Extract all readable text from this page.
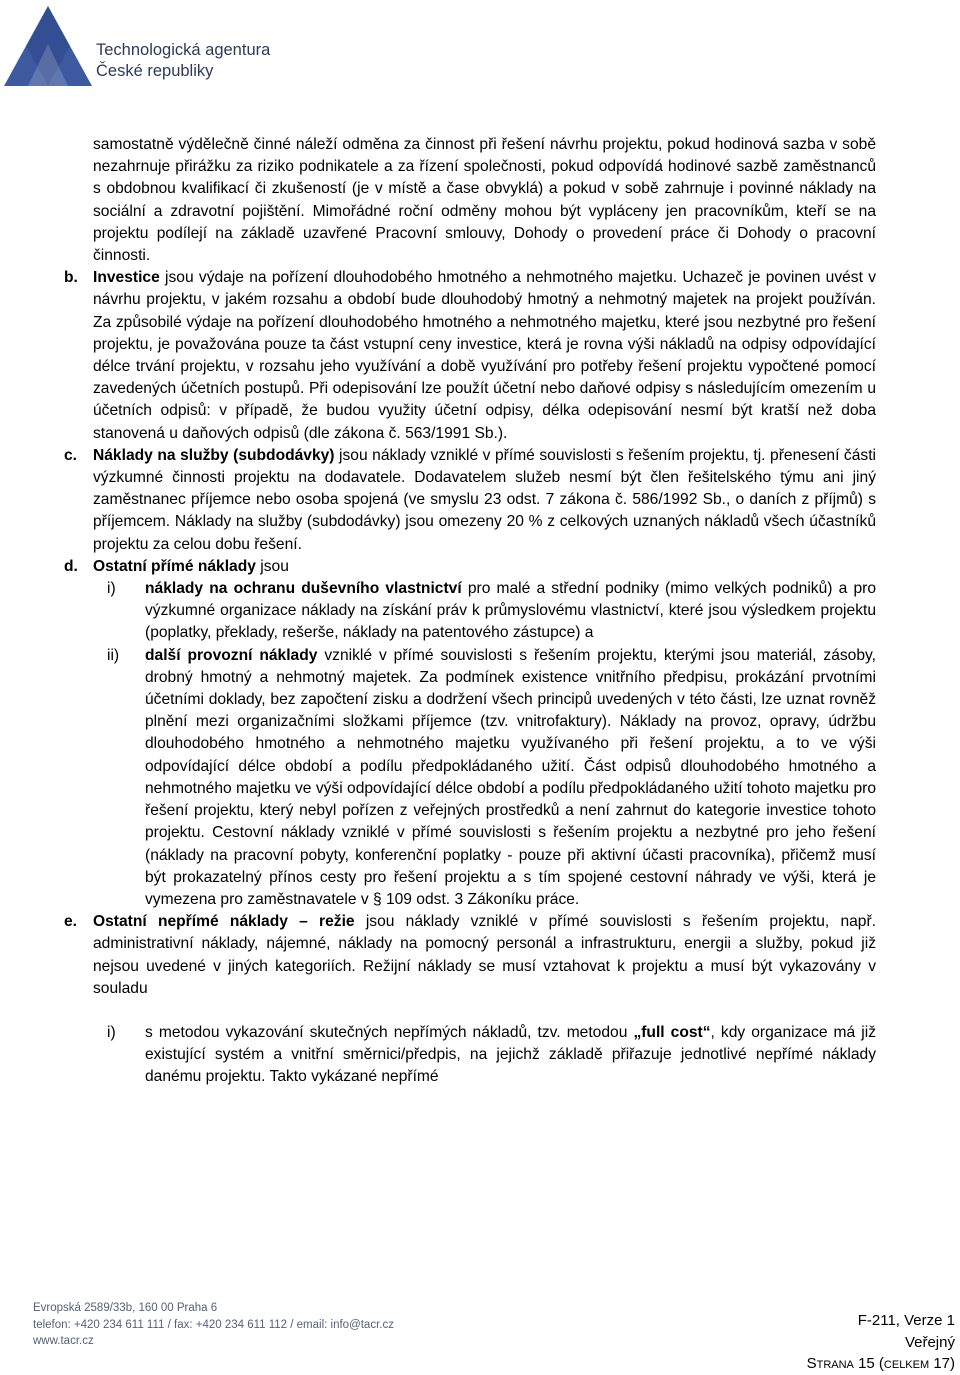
Technologická agentura
České republiky

samostatně výdělečně činné náleží odměna za činnost při řešení návrhu projektu, pokud hodinová sazba v sobě nezahrnuje přirážku za riziko podnikatele a za řízení společnosti, pokud odpovídá hodinové sazbě zaměstnanců s obdobnou kvalifikací či zkušeností (je v místě a čase obvyklá) a pokud v sobě zahrnuje i povinné náklady na sociální a zdravotní pojištění. Mimořádné roční odměny mohou být vypláceny jen pracovníkům, kteří se na projektu podílejí na základě uzavřené Pracovní smlouvy, Dohody o provedení práce či Dohody o pracovní činnosti.

b. Investice jsou výdaje na pořízení dlouhodobého hmotného a nehmotného majetku. Uchazeč je povinen uvést v návrhu projektu, v jakém rozsahu a období bude dlouhodobý hmotný a nehmotný majetek na projekt používán. Za způsobilé výdaje na pořízení dlouhodobého hmotného a nehmotného majetku, které jsou nezbytné pro řešení projektu, je považována pouze ta část vstupní ceny investice, která je rovna výši nákladů na odpisy odpovídající délce trvání projektu, v rozsahu jeho využívání a době využívání pro potřeby řešení projektu vypočtené pomocí zavedených účetních postupů. Při odepisování lze použít účetní nebo daňové odpisy s následujícím omezením u účetních odpisů: v případě, že budou využity účetní odpisy, délka odepisování nesmí být kratší než doba stanovená u daňových odpisů (dle zákona č. 563/1991 Sb.).
c. Náklady na služby (subdodávky) jsou náklady vzniklé v přímé souvislosti s řešením projektu, tj. přenesení části výzkumné činnosti projektu na dodavatele. Dodavatelem služeb nesmí být člen řešitelského týmu ani jiný zaměstnanec příjemce nebo osoba spojená (ve smyslu 23 odst. 7 zákona č. 586/1992 Sb., o daních z příjmů) s příjemcem. Náklady na služby (subdodávky) jsou omezeny 20 % z celkových uznaných nákladů všech účastníků projektu za celou dobu řešení.
d. Ostatní přímé náklady jsou
i) náklady na ochranu duševního vlastnictví pro malé a střední podniky (mimo velkých podniků) a pro výzkumné organizace náklady na získání práv k průmyslovému vlastnictví, které jsou výsledkem projektu (poplatky, překlady, rešerše, náklady na patentového zástupce) a
ii) další provozní náklady vzniklé v přímé souvislosti s řešením projektu, kterými jsou materiál, zásoby, drobný hmotný a nehmotný majetek. Za podmínek existence vnitřního předpisu, prokázání prvotními účetními doklady, bez započtení zisku a dodržení všech principů uvedených v této části, lze uznat rovněž plnění mezi organizačními složkami příjemce (tzv. vnitrofaktury). Náklady na provoz, opravy, údržbu dlouhodobého hmotného a nehmotného majetku využívaného při řešení projektu, a to ve výši odpovídající délce období a podílu předpokládaného užití. Část odpisů dlouhodobého hmotného a nehmotného majetku ve výši odpovídající délce období a podílu předpokládaného užití tohoto majetku pro řešení projektu, který nebyl pořízen z veřejných prostředků a není zahrnut do kategorie investice tohoto projektu. Cestovní náklady vzniklé v přímé souvislosti s řešením projektu a nezbytné pro jeho řešení (náklady na pracovní pobyty, konferenční poplatky - pouze při aktivní účasti pracovníka), přičemž musí být prokazatelný přínos cesty pro řešení projektu a s tím spojené cestovní náhrady ve výši, která je vymezena pro zaměstnavatele v § 109 odst. 3 Zákoníku práce.
e. Ostatní nepřímé náklady – režie jsou náklady vzniklé v přímé souvislosti s řešením projektu, např. administrativní náklady, nájemné, náklady na pomocný personál a infrastrukturu, energii a služby, pokud již nejsou uvedené v jiných kategoriích. Režijní náklady se musí vztahovat k projektu a musí být vykazovány v souladu
i) s metodou vykazování skutečných nepřímých nákladů, tzv. metodou „full cost“, kdy organizace má již existující systém a vnitřní směrnici/předpis, na jejichž základě přiřazuje jednotlivé nepřímé náklady danému projektu. Takto vykázané nepřímé
Evropská 2589/33b, 160 00 Praha 6
telefon: +420 234 611 111 / fax: +420 234 611 112 / email: info@tacr.cz
www.tacr.cz
F-211, Verze 1
Veřejný
Strana 15 (celkem 17)
